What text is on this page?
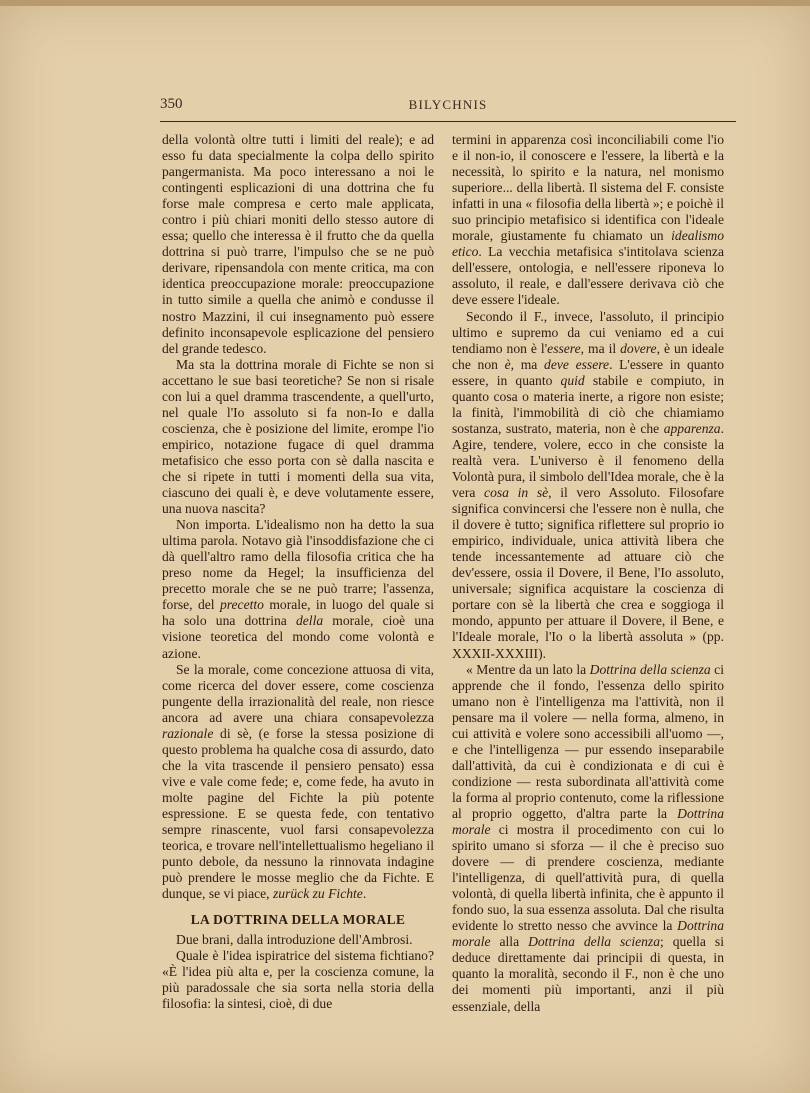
350	BILYCHNIS

della volontà oltre tutti i limiti del reale); e ad esso fu data specialmente la colpa dello spirito pangermanista. Ma poco interessano a noi le contingenti esplicazioni di una dottrina che fu forse male compresa e certo male applicata, contro i più chiari moniti dello stesso autore di essa; quello che interessa è il frutto che da quella dottrina si può trarre, l'impulso che se ne può derivare, ripensandola con mente critica, ma con identica preoccupazione morale: preoccupazione in tutto simile a quella che animò e condusse il nostro Mazzini, il cui insegnamento può essere definito inconsapevole esplicazione del pensiero del grande tedesco.

Ma sta la dottrina morale di Fichte se non si accettano le sue basi teoretiche? Se non si risale con lui a quel dramma trascendente, a quell'urto, nel quale l'Io assoluto si fa non-Io e dalla coscienza, che è posizione del limite, erompe l'io empirico, notazione fugace di quel dramma metafisico che esso porta con sè dalla nascita e che si ripete in tutti i momenti della sua vita, ciascuno dei quali è, e deve volutamente essere, una nuova nascita?

Non importa. L'idealismo non ha detto la sua ultima parola. Notavo già l'insoddisfazione che ci dà quell'altro ramo della filosofia critica che ha preso nome da Hegel; la insufficienza del precetto morale che se ne può trarre; l'assenza, forse, del precetto morale, in luogo del quale si ha solo una dottrina della morale, cioè una visione teoretica del mondo come volontà e azione.

Se la morale, come concezione attuosa di vita, come ricerca del dover essere, come coscienza pungente della irrazionalità del reale, non riesce ancora ad avere una chiara consapevolezza razionale di sè, (e forse la stessa posizione di questo problema ha qualche cosa di assurdo, dato che la vita trascende il pensiero pensato) essa vive e vale come fede; e, come fede, ha avuto in molte pagine del Fichte la più potente espressione. E se questa fede, con tentativo sempre rinascente, vuol farsi consapevolezza teorica, e trovare nell'intellettualismo hegeliano il punto debole, da nessuno la rinnovata indagine può prendere le mosse meglio che da Fichte. E dunque, se vi piace, zurück zu Fichte.

LA DOTTRINA DELLA MORALE

Due brani, dalla introduzione dell'Ambrosi.

Quale è l'idea ispiratrice del sistema fichtiano? «È l'idea più alta e, per la coscienza comune, la più paradossale che sia sorta nella storia della filosofia: la sintesi, cioè, di due

termini in apparenza così inconciliabili come l'io e il non-io, il conoscere e l'essere, la libertà e la necessità, lo spirito e la natura, nel monismo superiore... della libertà. Il sistema del F. consiste infatti in una « filosofia della libertà »; e poichè il suo principio metafisico si identifica con l'ideale morale, giustamente fu chiamato un idealismo etico. La vecchia metafisica s'intitolava scienza dell'essere, ontologia, e nell'essere riponeva lo assoluto, il reale, e dall'essere derivava ciò che deve essere l'ideale.

Secondo il F., invece, l'assoluto, il principio ultimo e supremo da cui veniamo ed a cui tendiamo non è l'essere, ma il dovere, è un ideale che non è, ma deve essere. L'essere in quanto essere, in quanto quid stabile e compiuto, in quanto cosa o materia inerte, a rigore non esiste; la finità, l'immobilità di ciò che chiamiamo sostanza, sustrato, materia, non è che apparenza. Agire, tendere, volere, ecco in che consiste la realtà vera. L'universo è il fenomeno della Volontà pura, il simbolo dell'Idea morale, che è la vera cosa in sè, il vero Assoluto. Filosofare significa convincersi che l'essere non è nulla, che il dovere è tutto; significa riflettere sul proprio io empirico, individuale, unica attività libera che tende incessantemente ad attuare ciò che dev'essere, ossia il Dovere, il Bene, l'Io assoluto, universale; significa acquistare la coscienza di portare con sè la libertà che crea e soggioga il mondo, appunto per attuare il Dovere, il Bene, e l'Ideale morale, l'Io o la libertà assoluta » (pp. XXXII-XXXIII).

« Mentre da un lato la Dottrina della scienza ci apprende che il fondo, l'essenza dello spirito umano non è l'intelligenza ma l'attività, non il pensare ma il volere — nella forma, almeno, in cui attività e volere sono accessibili all'uomo —, e che l'intelligenza — pur essendo inseparabile dall'attività, da cui è condizionata e di cui è condizione — resta subordinata all'attività come la forma al proprio contenuto, come la riflessione al proprio oggetto, d'altra parte la Dottrina morale ci mostra il procedimento con cui lo spirito umano si sforza — il che è preciso suo dovere — di prendere coscienza, mediante l'intelligenza, di quell'attività pura, di quella volontà, di quella libertà infinita, che è appunto il fondo suo, la sua essenza assoluta. Dal che risulta evidente lo stretto nesso che avvince la Dottrina morale alla Dottrina della scienza; quella si deduce direttamente dai principii di questa, in quanto la moralità, secondo il F., non è che uno dei momenti più importanti, anzi il più essenziale, della
